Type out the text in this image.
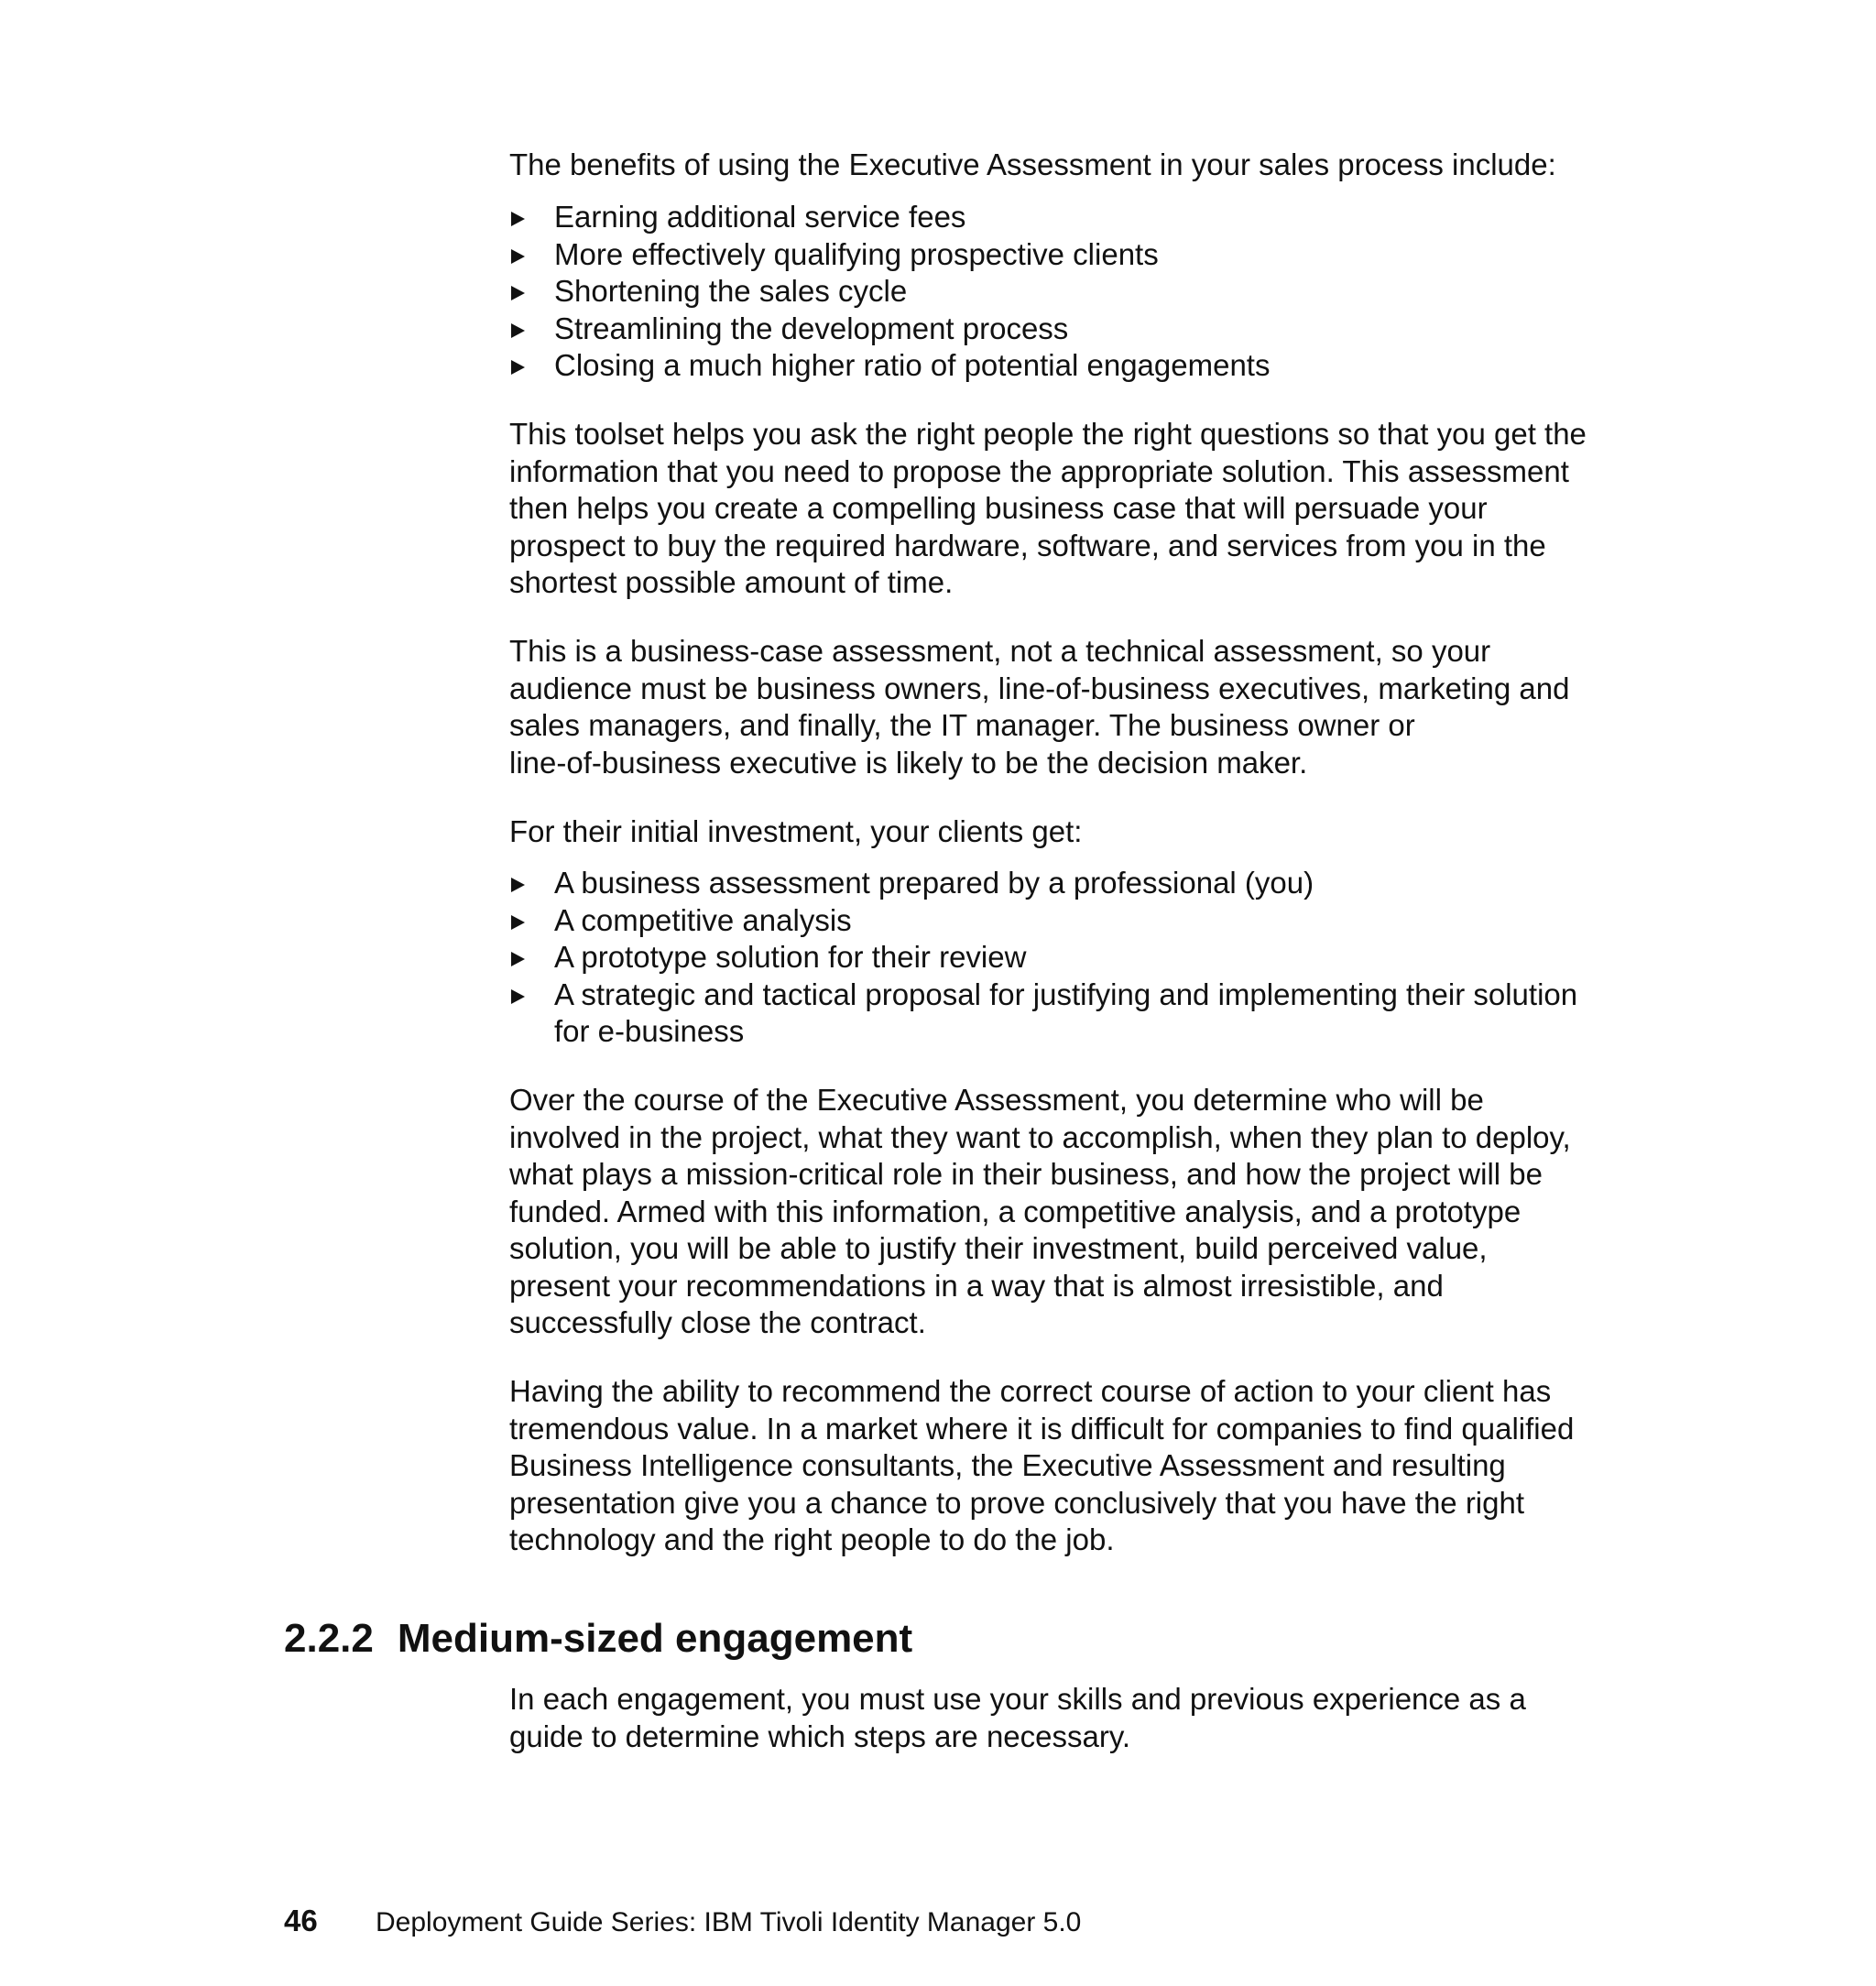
The benefits of using the Executive Assessment in your sales process include:

Earning additional service fees
More effectively qualifying prospective clients
Shortening the sales cycle
Streamlining the development process
Closing a much higher ratio of potential engagements
This toolset helps you ask the right people the right questions so that you get the
information that you need to propose the appropriate solution. This assessment
then helps you create a compelling business case that will persuade your
prospect to buy the required hardware, software, and services from you in the
shortest possible amount of time.
This is a business-case assessment, not a technical assessment, so your
audience must be business owners, line-of-business executives, marketing and
sales managers, and finally, the IT manager. The business owner or
line-of-business executive is likely to be the decision maker.

For their initial investment, your clients get:

A business assessment prepared by a professional (you)
A competitive analysis
A prototype solution for their review
A strategic and tactical proposal for justifying and implementing their solution
for e-business
Over the course of the Executive Assessment, you determine who will be
involved in the project, what they want to accomplish, when they plan to deploy,
what plays a mission-critical role in their business, and how the project will be
funded. Armed with this information, a competitive analysis, and a prototype
solution, you will be able to justify their investment, build perceived value,
present your recommendations in a way that is almost irresistible, and
successfully close the contract.
Having the ability to recommend the correct course of action to your client has
tremendous value. In a market where it is difficult for companies to find qualified
Business Intelligence consultants, the Executive Assessment and resulting
presentation give you a chance to prove conclusively that you have the right
technology and the right people to do the job.
2.2.2 Medium-sized engagement
In each engagement, you must use your skills and previous experience as a
guide to determine which steps are necessary.
46 Deployment Guide Series: IBM Tivoli Identity Manager 5.0
